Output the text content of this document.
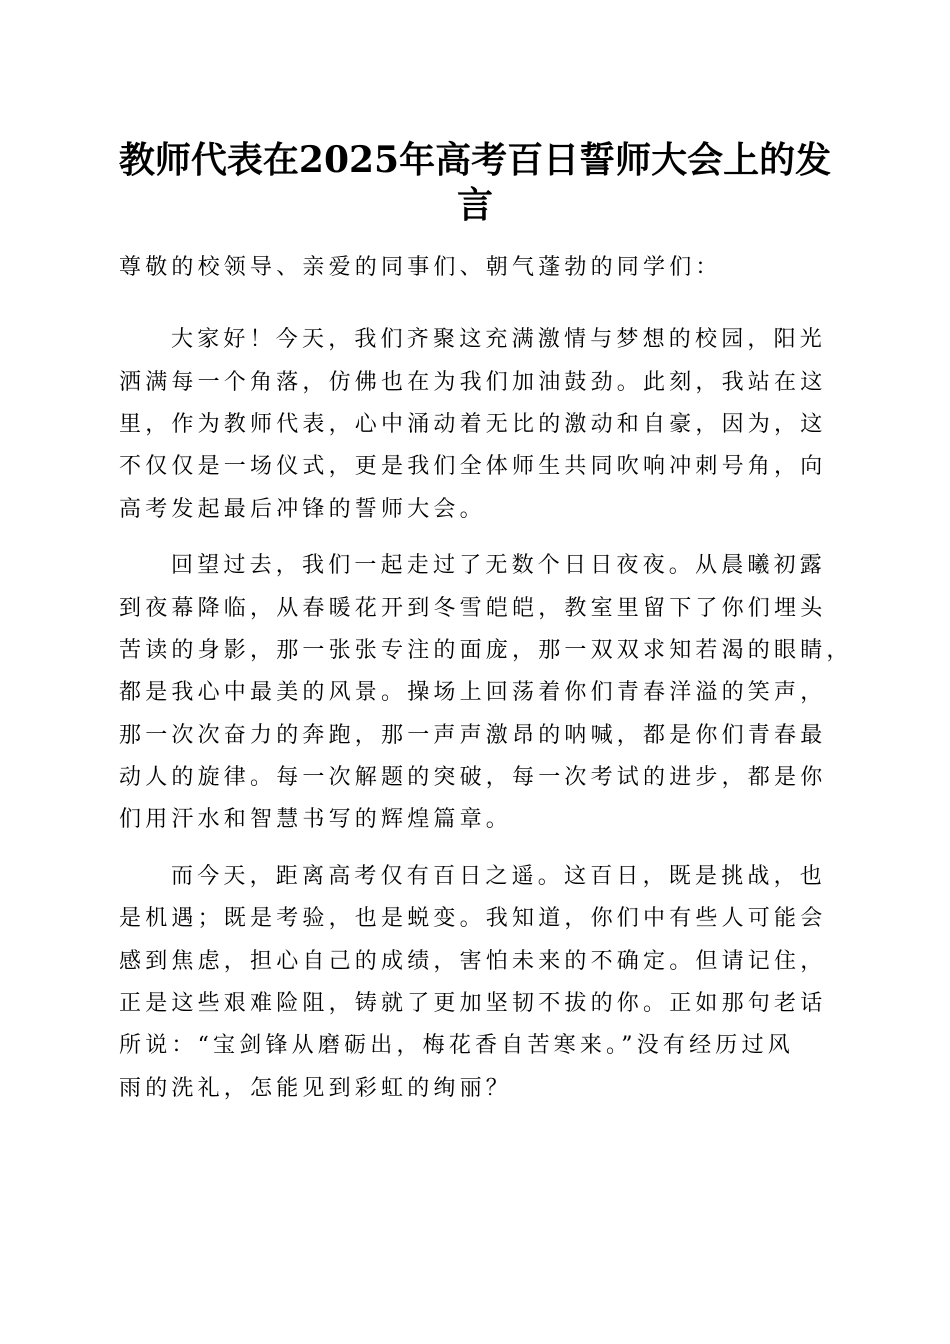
教师代表在2025年高考百日誓师大会上的发
言
尊敬的校领导、亲爱的同事们、朝气蓬勃的同学们：
大家好！今天，我们齐聚这充满激情与梦想的校园，阳光
洒满每一个角落，仿佛也在为我们加油鼓劲。此刻，我站在这
里，作为教师代表，心中涌动着无比的激动和自豪，因为，这
不仅仅是一场仪式，更是我们全体师生共同吹响冲刺号角，向
高考发起最后冲锋的誓师大会。
回望过去，我们一起走过了无数个日日夜夜。从晨曦初露
到夜幕降临，从春暖花开到冬雪皑皑，教室里留下了你们埋头
苦读的身影，那一张张专注的面庞，那一双双求知若渴的眼睛，
都是我心中最美的风景。操场上回荡着你们青春洋溢的笑声，
那一次次奋力的奔跑，那一声声激昂的呐喊，都是你们青春最
动人的旋律。每一次解题的突破，每一次考试的进步，都是你
们用汗水和智慧书写的辉煌篇章。
而今天，距离高考仅有百日之遥。这百日，既是挑战，也
是机遇；既是考验，也是蜕变。我知道，你们中有些人可能会
感到焦虑，担心自己的成绩，害怕未来的不确定。但请记住，
正是这些艰难险阻，铸就了更加坚韧不拔的你。正如那句老话
所说：“宝剑锋从磨砺出，梅花香自苦寒来。”没有经历过风
雨的洗礼，怎能见到彩虹的绚丽？
